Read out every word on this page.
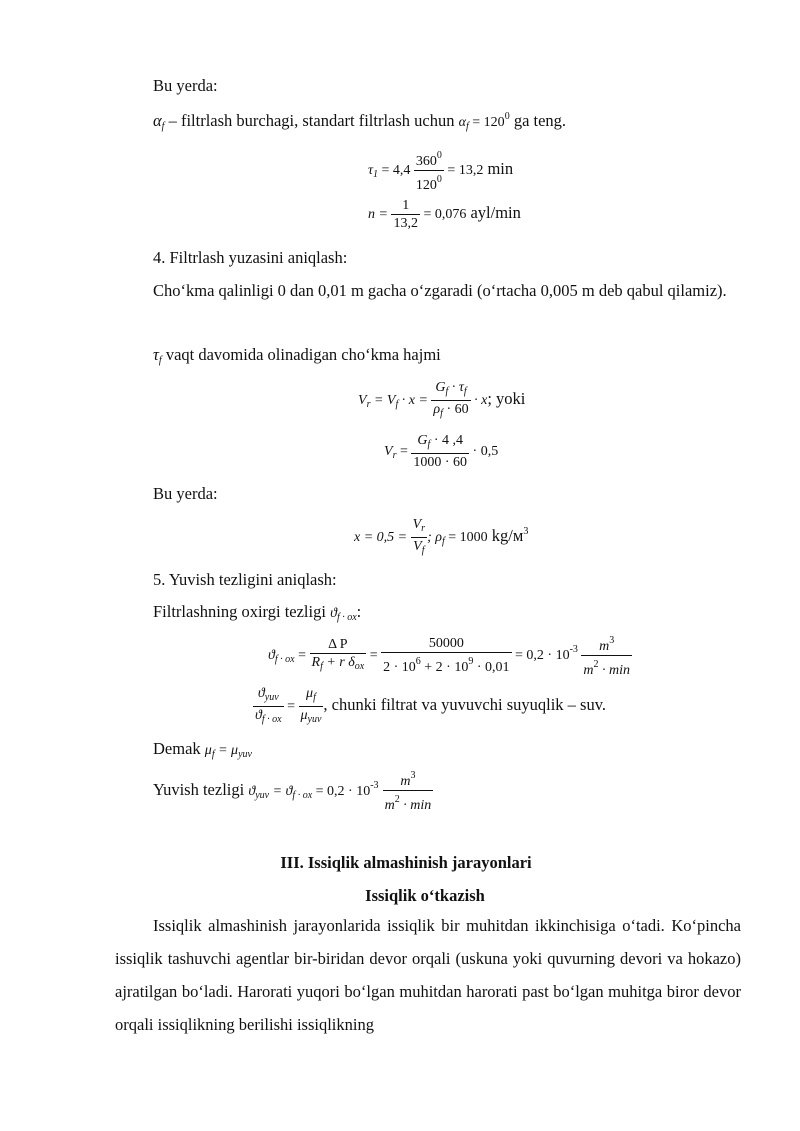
Bu yerda:
$\alpha_f$ – filtrlash burchagi, standart filtrlash uchun $\alpha_f = 120^0$ ga teng.
$\tau_1 = 4,4 \frac{360^0}{120^0} = 13,2$ min
$n = \frac{1}{13,2} = 0,076$ ayl/min
4. Filtrlash yuzasini aniqlash:
Cho‘kma qalinligi 0 dan 0,01 m gacha o‘zgaradi (o‘rtacha 0,005 m deb qabul qilamiz).
$\tau_f$ vaqt davomida olinadigan cho‘kma hajmi
$V_r = V_f \cdot x = \frac{G_f \cdot \tau_f}{\rho_f \cdot 60} \cdot x$; yoki
$V_r = \frac{G_f \cdot 4 ,4}{1000 \cdot 60} \cdot 0,5$
Bu yerda:
$x = 0,5 = \frac{V_r}{V_f}$ ; $\rho_f = 1000$ $kg/м^3$
5. Yuvish tezligini aniqlash:
Filtrlashning oxirgi tezligi $ϑ_{f \cdot ox}$:
$ϑ_{f \cdot ox} = \frac{\text{Δ P}}{R_f + r \delta_{ox}} = \frac{50000}{2 \cdot 10^6 + 2 \cdot 10^9 \cdot 0,01} = 0,2 \cdot 10^{-3} \frac{m^3}{m^2 \cdot \min}$
$\frac{ϑ_{yuv}}{ϑ_{f \cdot ox}} = \frac{\mu_f}{\mu_{yuv}}$ , chunki filtrat va yuvuvchi suyuqlik – suv.
Demak $\mu_f = \mu_{yuv}$
Yuvish tezligi $ϑ_{yuv} = ϑ_{f \cdot ox} = 0,2 \cdot 10^{-3} \frac{m^3}{m^2 \cdot \min}$
III. Issiqlik almashinish jarayonlari
Issiqlik o‘tkazish
Issiqlik almashinish jarayonlarida issiqlik bir muhitdan ikkinchisiga o‘tadi. Ko‘pincha issiqlik tashuvchi agentlar bir-biridan devor orqali (uskuna yoki quvurning devori va hokazo) ajratilgan bo‘ladi. Harorati yuqori bo‘lgan muhitdan harorati past bo‘lgan muhitga biror devor orqali issiqlikning berilishi issiqlikning
